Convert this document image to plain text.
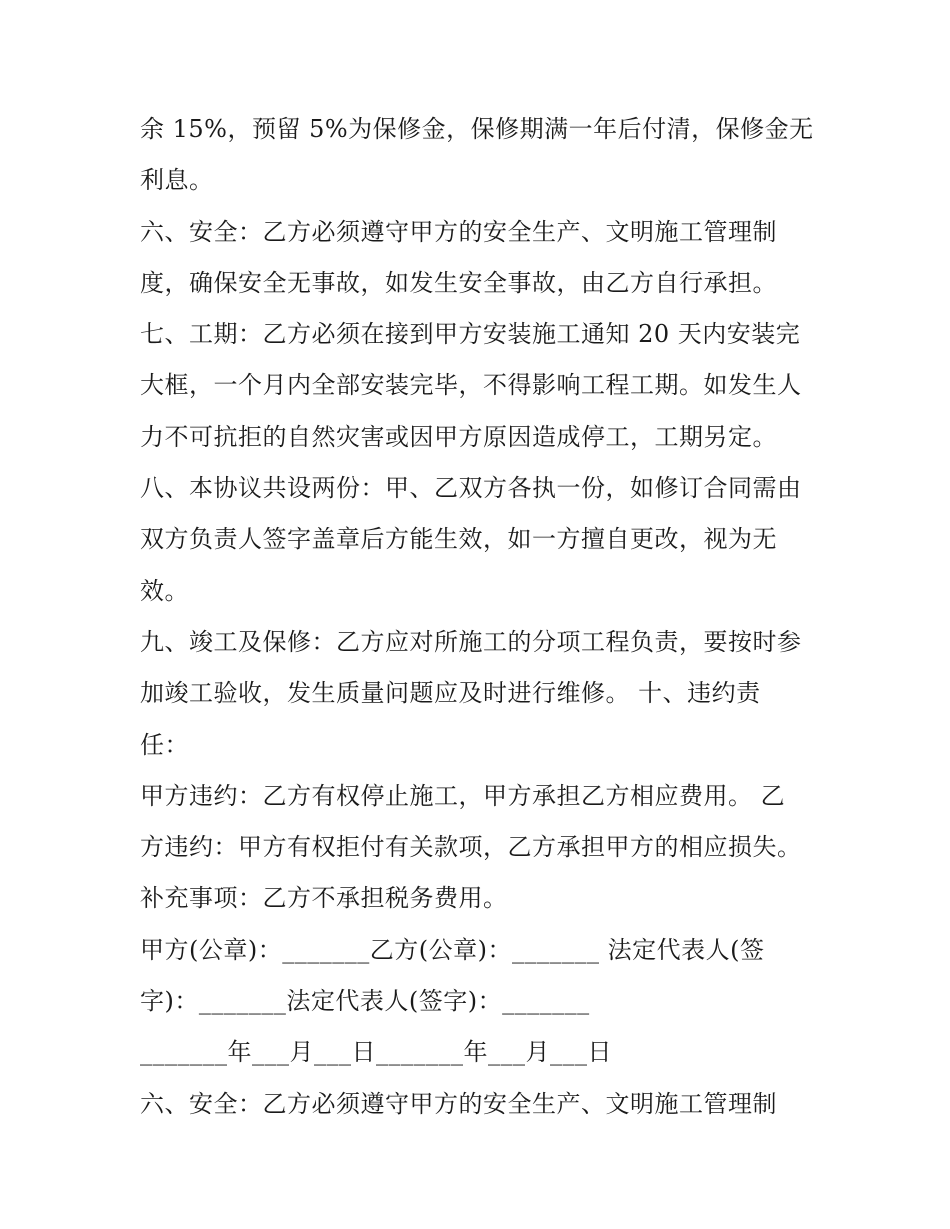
余 15%，预留 5%为保修金，保修期满一年后付清，保修金无
利息。
六、安全：乙方必须遵守甲方的安全生产、文明施工管理制
度，确保安全无事故，如发生安全事故，由乙方自行承担。
七、工期：乙方必须在接到甲方安装施工通知 20 天内安装完
大框，一个月内全部安装完毕，不得影响工程工期。如发生人
力不可抗拒的自然灾害或因甲方原因造成停工，工期另定。
八、本协议共设两份：甲、乙双方各执一份，如修订合同需由
双方负责人签字盖章后方能生效，如一方擅自更改，视为无
效。
九、竣工及保修：乙方应对所施工的分项工程负责，要按时参
加竣工验收，发生质量问题应及时进行维修。 十、违约责
任：
甲方违约：乙方有权停止施工，甲方承担乙方相应费用。 乙
方违约：甲方有权拒付有关款项，乙方承担甲方的相应损失。
补充事项：乙方不承担税务费用。
甲方(公章)：_______乙方(公章)：_______ 法定代表人(签
字)：_______法定代表人(签字)：_______
_______年___月___日_______年___月___日
六、安全：乙方必须遵守甲方的安全生产、文明施工管理制
